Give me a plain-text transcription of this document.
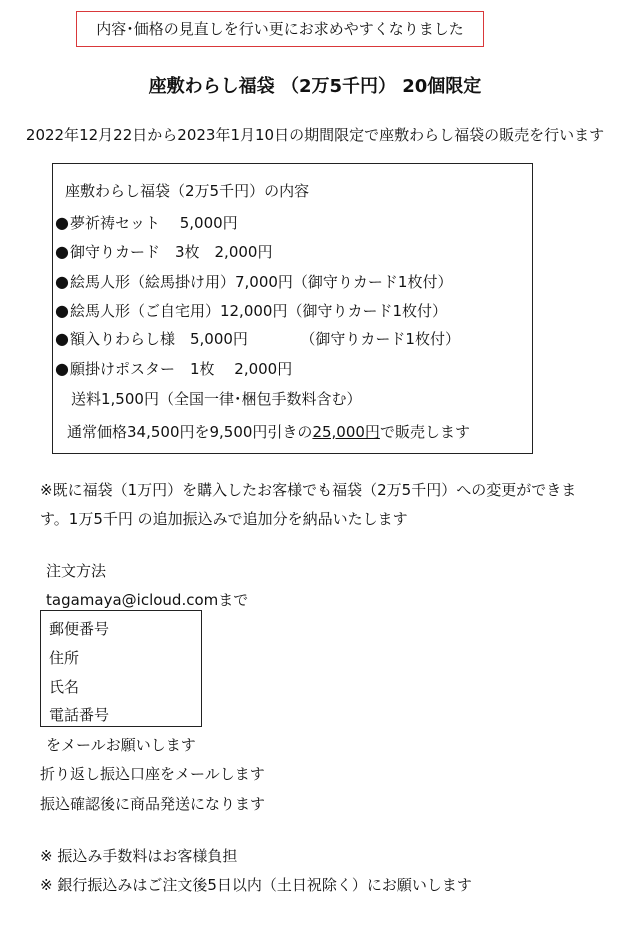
内容･価格の見直しを行い更にお求めやすくなりました
座敷わらし福袋 （2万5千円） 20個限定
2022年12月22日から2023年1月10日の期間限定で座敷わらし福袋の販売を行います
座敷わらし福袋（2万5千円）の内容
●夢祈祷セット　 5,000円
●御守りカード　3枚　2,000円
●絵馬人形（絵馬掛け用）7,000円（御守りカード1枚付）
●絵馬人形（ご自宅用）12,000円（御守りカード1枚付）
●額入りわらし様　5,000円　　　　（御守りカード1枚付）
●願掛けポスター　1枚　 2,000円
送料1,500円（全国一律･梱包手数料含む）
通常価格34,500円を9,500円引きの25,000円で販売します
※既に福袋（1万円）を購入したお客様でも福袋（2万5千円）への変更ができます。1万5千円 の追加振込みで追加分を納品いたします
注文方法
tagamaya@icloud.comまで
郵便番号
住所
氏名
電話番号
をメールお願いします
折り返し振込口座をメールします
振込確認後に商品発送になります
※ 振込み手数料はお客様負担
※ 銀行振込みはご注文後5日以内（土日祝除く）にお願いします
